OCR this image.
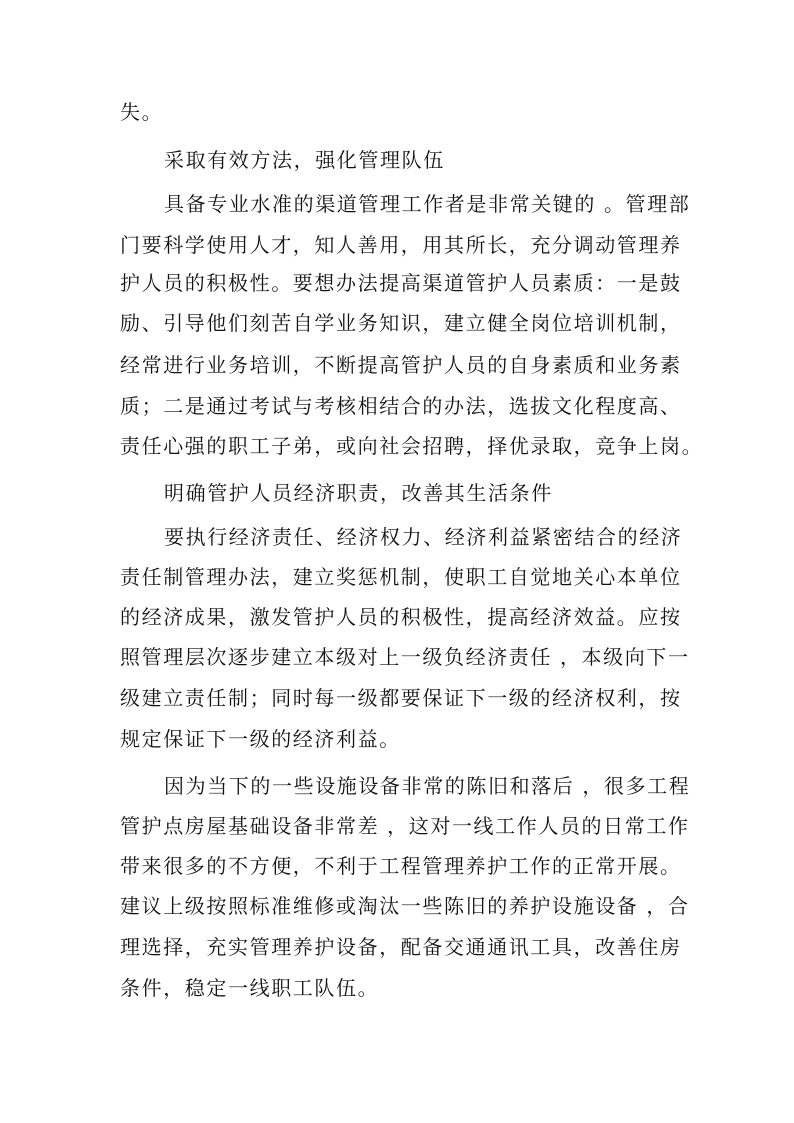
失。
采取有效方法，强化管理队伍
具备专业水准的渠道管理工作者是非常关键的 。管理部
门要科学使用人才，知人善用，用其所长，充分调动管理养
护人员的积极性。要想办法提高渠道管护人员素质：一是鼓
励、引导他们刻苦自学业务知识，建立健全岗位培训机制，
经常进行业务培训，不断提高管护人员的自身素质和业务素
质；二是通过考试与考核相结合的办法，选拔文化程度高、
责任心强的职工子弟，或向社会招聘，择优录取，竞争上岗。
明确管护人员经济职责，改善其生活条件
要执行经济责任、经济权力、经济利益紧密结合的经济
责任制管理办法，建立奖惩机制，使职工自觉地关心本单位
的经济成果，激发管护人员的积极性，提高经济效益。应按
照管理层次逐步建立本级对上一级负经济责任 ，本级向下一
级建立责任制；同时每一级都要保证下一级的经济权利，按
规定保证下一级的经济利益。
因为当下的一些设施设备非常的陈旧和落后 ，很多工程
管护点房屋基础设备非常差 ，这对一线工作人员的日常工作
带来很多的不方便，不利于工程管理养护工作的正常开展。
建议上级按照标准维修或淘汰一些陈旧的养护设施设备 ，合
理选择，充实管理养护设备，配备交通通讯工具，改善住房
条件，稳定一线职工队伍。
